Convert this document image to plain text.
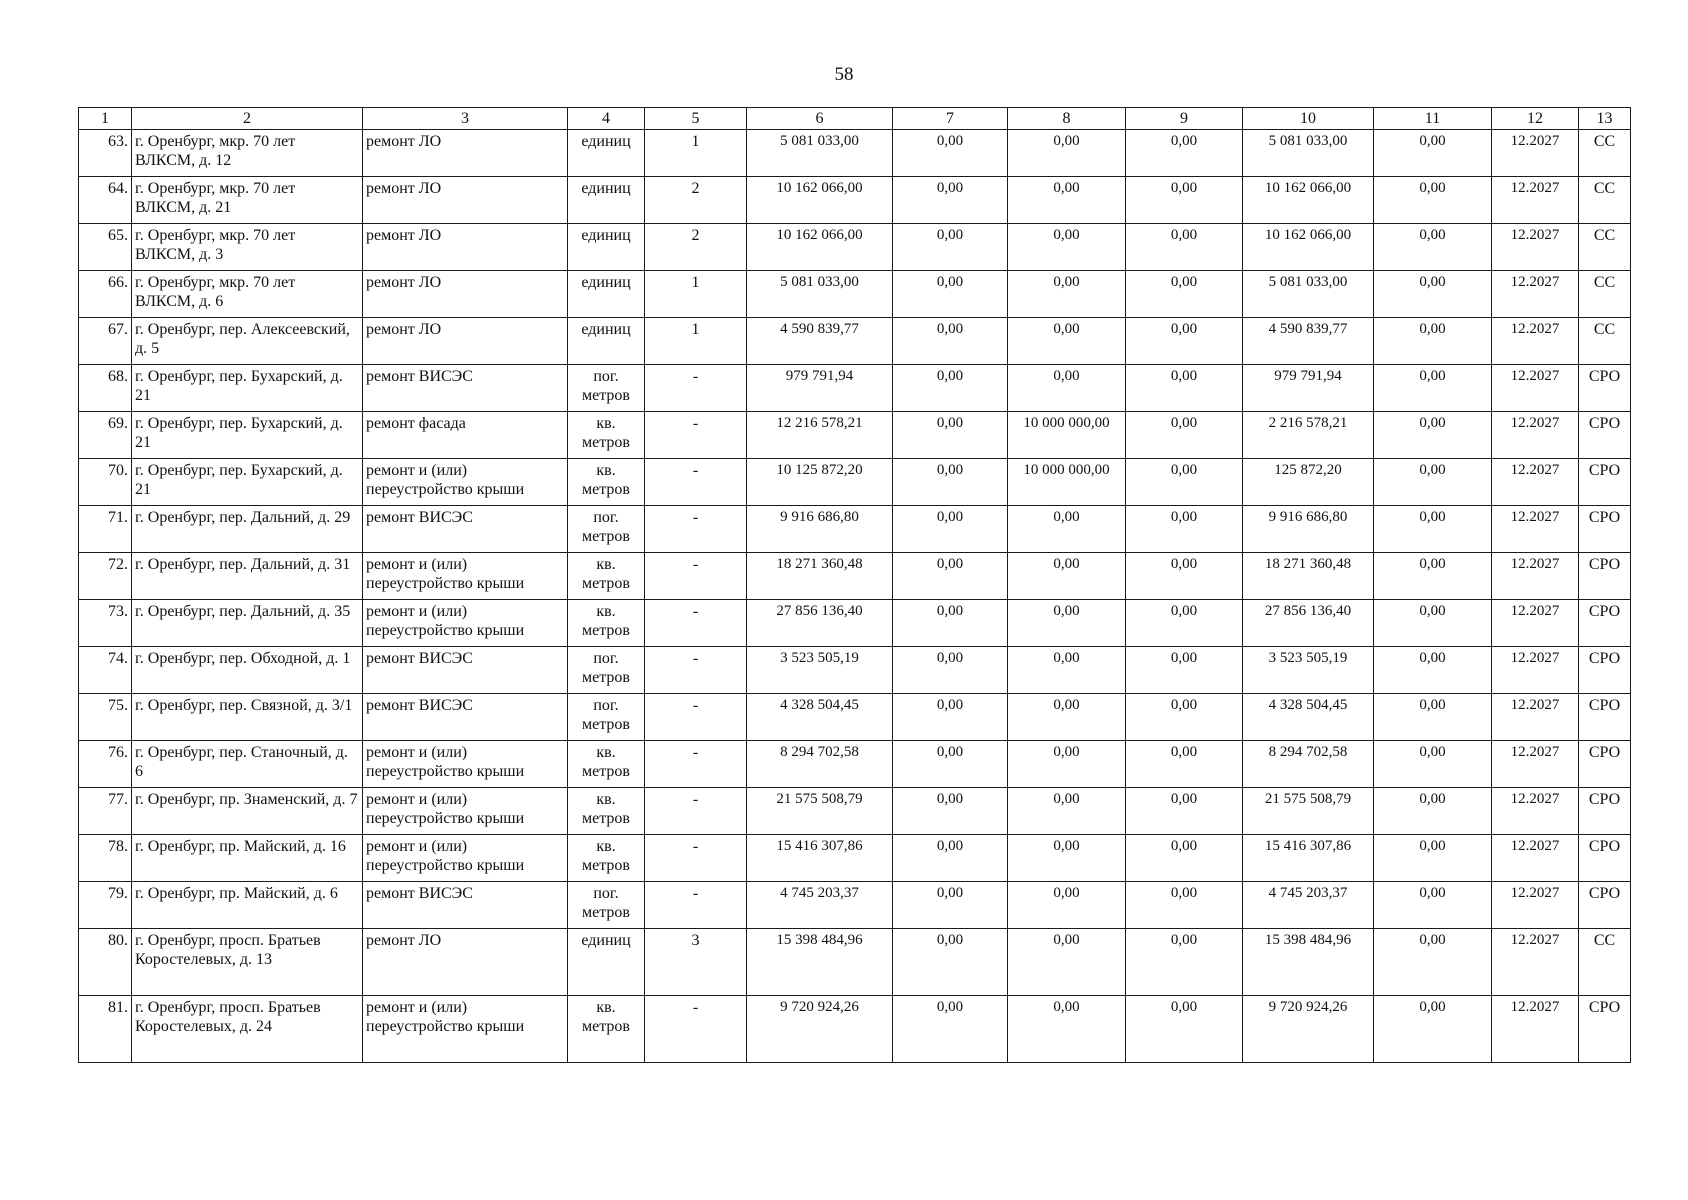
58
1	2	3	4	5	6	7	8	9	10	11	12	13
63.	г. Оренбург, мкр. 70 лет ВЛКСМ, д. 12	ремонт ЛО	единиц	1	5 081 033,00	0,00	0,00	0,00	5 081 033,00	0,00	12.2027	СС
64.	г. Оренбург, мкр. 70 лет ВЛКСМ, д. 21	ремонт ЛО	единиц	2	10 162 066,00	0,00	0,00	0,00	10 162 066,00	0,00	12.2027	СС
65.	г. Оренбург, мкр. 70 лет ВЛКСМ, д. 3	ремонт ЛО	единиц	2	10 162 066,00	0,00	0,00	0,00	10 162 066,00	0,00	12.2027	СС
66.	г. Оренбург, мкр. 70 лет ВЛКСМ, д. 6	ремонт ЛО	единиц	1	5 081 033,00	0,00	0,00	0,00	5 081 033,00	0,00	12.2027	СС
67.	г. Оренбург, пер. Алексеевский, д. 5	ремонт ЛО	единиц	1	4 590 839,77	0,00	0,00	0,00	4 590 839,77	0,00	12.2027	СС
68.	г. Оренбург, пер. Бухарский, д. 21	ремонт ВИСЭС	пог. метров	-	979 791,94	0,00	0,00	0,00	979 791,94	0,00	12.2027	СРО
69.	г. Оренбург, пер. Бухарский, д. 21	ремонт фасада	кв. метров	-	12 216 578,21	0,00	10 000 000,00	0,00	2 216 578,21	0,00	12.2027	СРО
70.	г. Оренбург, пер. Бухарский, д. 21	ремонт и (или) переустройство крыши	кв. метров	-	10 125 872,20	0,00	10 000 000,00	0,00	125 872,20	0,00	12.2027	СРО
71.	г. Оренбург, пер. Дальний, д. 29	ремонт ВИСЭС	пог. метров	-	9 916 686,80	0,00	0,00	0,00	9 916 686,80	0,00	12.2027	СРО
72.	г. Оренбург, пер. Дальний, д. 31	ремонт и (или) переустройство крыши	кв. метров	-	18 271 360,48	0,00	0,00	0,00	18 271 360,48	0,00	12.2027	СРО
73.	г. Оренбург, пер. Дальний, д. 35	ремонт и (или) переустройство крыши	кв. метров	-	27 856 136,40	0,00	0,00	0,00	27 856 136,40	0,00	12.2027	СРО
74.	г. Оренбург, пер. Обходной, д. 1	ремонт ВИСЭС	пог. метров	-	3 523 505,19	0,00	0,00	0,00	3 523 505,19	0,00	12.2027	СРО
75.	г. Оренбург, пер. Связной, д. 3/1	ремонт ВИСЭС	пог. метров	-	4 328 504,45	0,00	0,00	0,00	4 328 504,45	0,00	12.2027	СРО
76.	г. Оренбург, пер. Станочный, д. 6	ремонт и (или) переустройство крыши	кв. метров	-	8 294 702,58	0,00	0,00	0,00	8 294 702,58	0,00	12.2027	СРО
77.	г. Оренбург, пр. Знаменский, д. 7	ремонт и (или) переустройство крыши	кв. метров	-	21 575 508,79	0,00	0,00	0,00	21 575 508,79	0,00	12.2027	СРО
78.	г. Оренбург, пр. Майский, д. 16	ремонт и (или) переустройство крыши	кв. метров	-	15 416 307,86	0,00	0,00	0,00	15 416 307,86	0,00	12.2027	СРО
79.	г. Оренбург, пр. Майский, д. 6	ремонт ВИСЭС	пог. метров	-	4 745 203,37	0,00	0,00	0,00	4 745 203,37	0,00	12.2027	СРО
80.	г. Оренбург, просп. Братьев Коростелевых, д. 13	ремонт ЛО	единиц	3	15 398 484,96	0,00	0,00	0,00	15 398 484,96	0,00	12.2027	СС
81.	г. Оренбург, просп. Братьев Коростелевых, д. 24	ремонт и (или) переустройство крыши	кв. метров	-	9 720 924,26	0,00	0,00	0,00	9 720 924,26	0,00	12.2027	СРО
